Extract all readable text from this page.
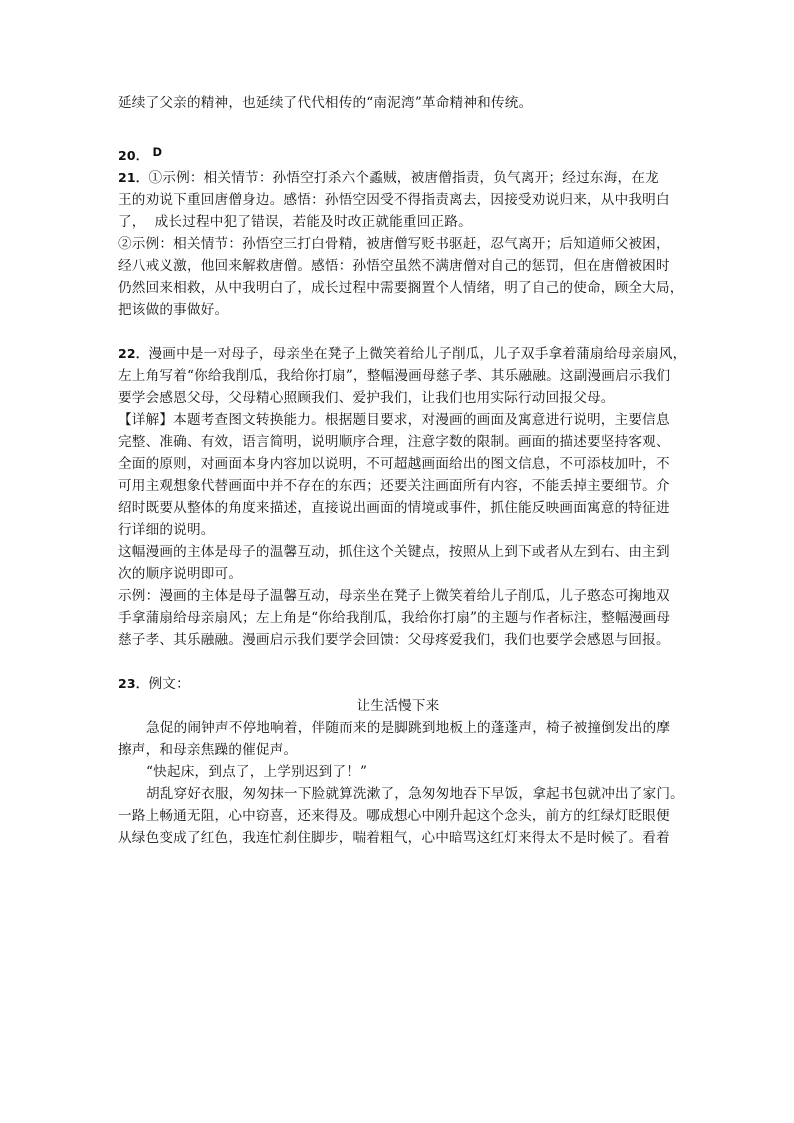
延续了父亲的精神，也延续了代代相传的“南泥湾”革命精神和传统。
20． $^D$
21．①示例：相关情节：孙悟空打杀六个蟊贼，被唐僧指责，负气离开；经过东海，在龙
王的劝说下重回唐僧身边。感悟：孙悟空因受不得指责离去，因接受劝说归来，从中我明白
了，  成长过程中犯了错误，若能及时改正就能重回正路。
②示例：相关情节：孙悟空三打白骨精，被唐僧写贬书驱赶，忍气离开；后知道师父被困，
经八戒义激，他回来解救唐僧。感悟：孙悟空虽然不满唐僧对自己的惩罚，但在唐僧被困时
仍然回来相救，从中我明白了，成长过程中需要搁置个人情绪，明了自己的使命，顾全大局，
把该做的事做好。
22．漫画中是一对母子，母亲坐在凳子上微笑着给儿子削瓜，儿子双手拿着蒲扇给母亲扇风，
左上角写着“你给我削瓜，我给你打扇”，整幅漫画母慈子孝、其乐融融。这副漫画启示我们
要学会感恩父母，父母精心照顾我们、爱护我们，让我们也用实际行动回报父母。
【详解】本题考查图文转换能力。根据题目要求，对漫画的画面及寓意进行说明，主要信息
完整、准确、有效，语言简明，说明顺序合理，注意字数的限制。画面的描述要坚持客观、
全面的原则，对画面本身内容加以说明，不可超越画面给出的图文信息，不可添枝加叶，不
可用主观想象代替画面中并不存在的东西；还要关注画面所有内容，不能丢掉主要细节。介
绍时既要从整体的角度来描述，直接说出画面的情境或事件，抓住能反映画面寓意的特征进
行详细的说明。
这幅漫画的主体是母子的温馨互动，抓住这个关键点，按照从上到下或者从左到右、由主到
次的顺序说明即可。
示例：漫画的主体是母子温馨互动，母亲坐在凳子上微笑着给儿子削瓜，儿子憨态可掬地双
手拿蒲扇给母亲扇风；左上角是“你给我削瓜，我给你打扇”的主题与作者标注，整幅漫画母
慈子孝、其乐融融。漫画启示我们要学会回馈：父母疼爱我们，我们也要学会感恩与回报。
23．例文：
让生活慢下来
急促的闹钟声不停地响着，伴随而来的是脚跳到地板上的蓬蓬声，椅子被撞倒发出的摩
擦声，和母亲焦躁的催促声。
“快起床，到点了，上学别迟到了！”
胡乱穿好衣服，匆匆抹一下脸就算洗漱了，急匆匆地吞下早饭，拿起书包就冲出了家门。
一路上畅通无阻，心中窃喜，还来得及。哪成想心中刚升起这个念头，前方的红绿灯眨眼便
从绿色变成了红色，我连忙刹住脚步，喘着粗气，心中暗骂这红灯来得太不是时候了。看着
